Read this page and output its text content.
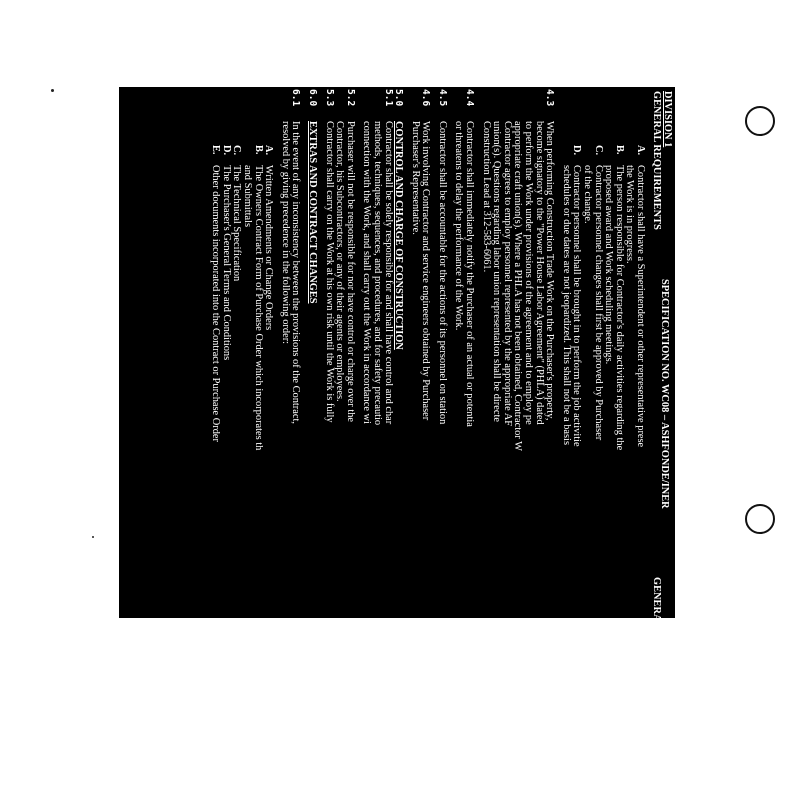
DIVISION 1
GENERAL REQUIREMENTS
SPECIFICATION NO. WC08 – ASHFONDE/INER
GENERAL RULE
A.
Contractor shall have a Superintendent or other representative prese
the Work is in progress.
B.
The person responsible for Contractor's daily activities regarding the
proposed award and Work scheduling meetings.
C.
Contractor personnel changes shall first be approved by Purchaser
of the change.
D.
Contractor personnel shall be brought in to perform the job activitie
schedules or due dates are not jeopardized. This shall not be a basis
4.3
When performing Construction Trade Work on the Purchaser's property,
become signatory to the "Power House Labor Agreement" (PHLA) dated
to perform the Work under provisions of the agreement and to employ pe
appropriate craft union(s). Where a PHLA has not been obtained, Contractor W
Contractor agrees to employ personnel represented by the appropriate AF
union(s). Questions regarding labor union representation shall be directe
Construction Lead at 312-583-6061.
4.4
Contractor shall immediately notify the Purchaser of an actual or potentia
or threatens to delay the performance of the Work.
4.5
Contractor shall be accountable for the actions of its personnel on station
4.6
Work involving Contractor and service engineers obtained by Purchaser
Purchaser's Representative.
5.0
CONTROL AND CHARGE OF CONSTRUCTION
5.1
Contractor shall be solely responsible for and shall have control and char
methods, techniques, sequences, and procedures, and for safety precautio
connection with the Work, and shall carry out the Work in accordance wi
5.2
Purchaser will not be responsible for nor have control or charge over the
Contractor, his Subcontractors, or any of their agents or employees.
5.3
Contractor shall carry on the Work at his own risk until the Work is fully
6.0
EXTRAS AND CONTRACT CHANGES
6.1
In the event of any inconsistency between the provisions of the Contract,
resolved by giving precedence in the following order:
A.
Written Amendments or Change Orders
B.
The Owners Contract Form of Purchase Order which incorporates th
and Submittals
C.
The Technical Specification
D.
The Purchaser's General Terms and Conditions
E.
Other documents incorporated into the Contract or Purchase Order
